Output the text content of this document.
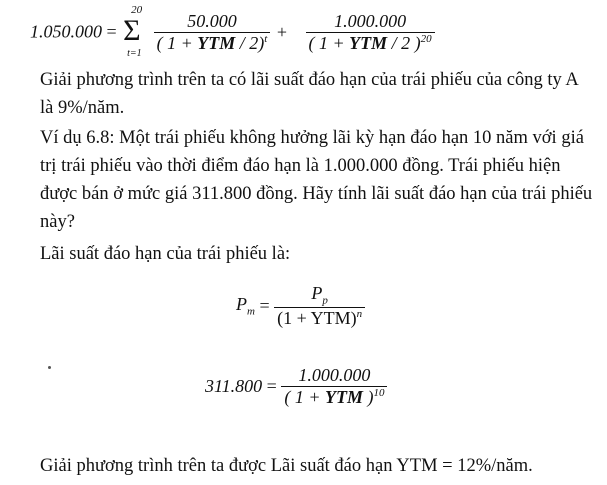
1.050.000 =
20
Σ
t=1
$\frac{50.000}{( 1 + YTM / 2)^t} + \frac{1.000.000}{( 1 + YTM / 2 )^{20}}$

Giải phương trình trên ta có lãi suất đáo hạn của trái phiếu của công ty A là 9%/năm.

Ví dụ 6.8: Một trái phiếu không hưởng lãi kỳ hạn đáo hạn 10 năm với giá trị trái phiếu vào thời điểm đáo hạn là 1.000.000 đồng. Trái phiếu hiện được bán ở mức giá 311.800 đồng. Hãy tính lãi suất đáo hạn của trái phiếu này?

Lãi suất đáo hạn của trái phiếu là:

$P_m = \frac{P_p}{(1 + YTM)^n}$
$311.800 = \frac{1.000.000}{( 1 + YTM )^{10}}$

Giải phương trình trên ta được Lãi suất đáo hạn YTM = 12%/năm.
